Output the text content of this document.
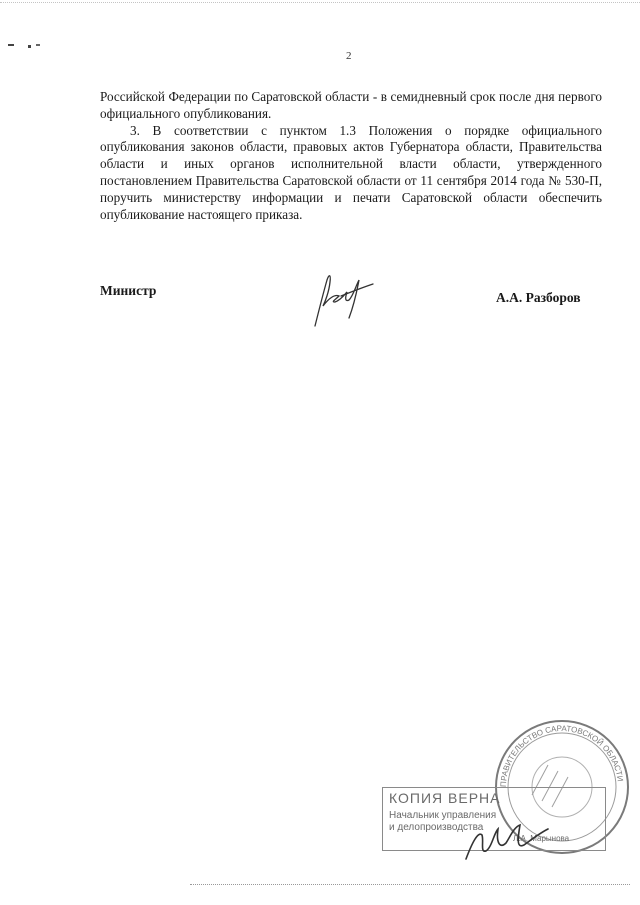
2

Российской Федерации по Саратовской области - в семидневный срок после дня первого официального опубликования.

3. В соответствии с пунктом 1.3 Положения о порядке официального опубликования законов области, правовых актов Губернатора области, Правительства области и иных органов исполнительной власти области, утвержденного постановлением Правительства Саратовской области от 11 сентября 2014 года № 530-П, поручить министерству информации и печати Саратовской области обеспечить опубликование настоящего приказа.

Министр	А.А. Разборов
ПРАВИТЕЛЬСТВО САРАТОВСКОЙ ОБЛАСТИ
КОПИЯ ВЕРНА
Начальник управления
и делопроизводства
Л.А. Марынова
